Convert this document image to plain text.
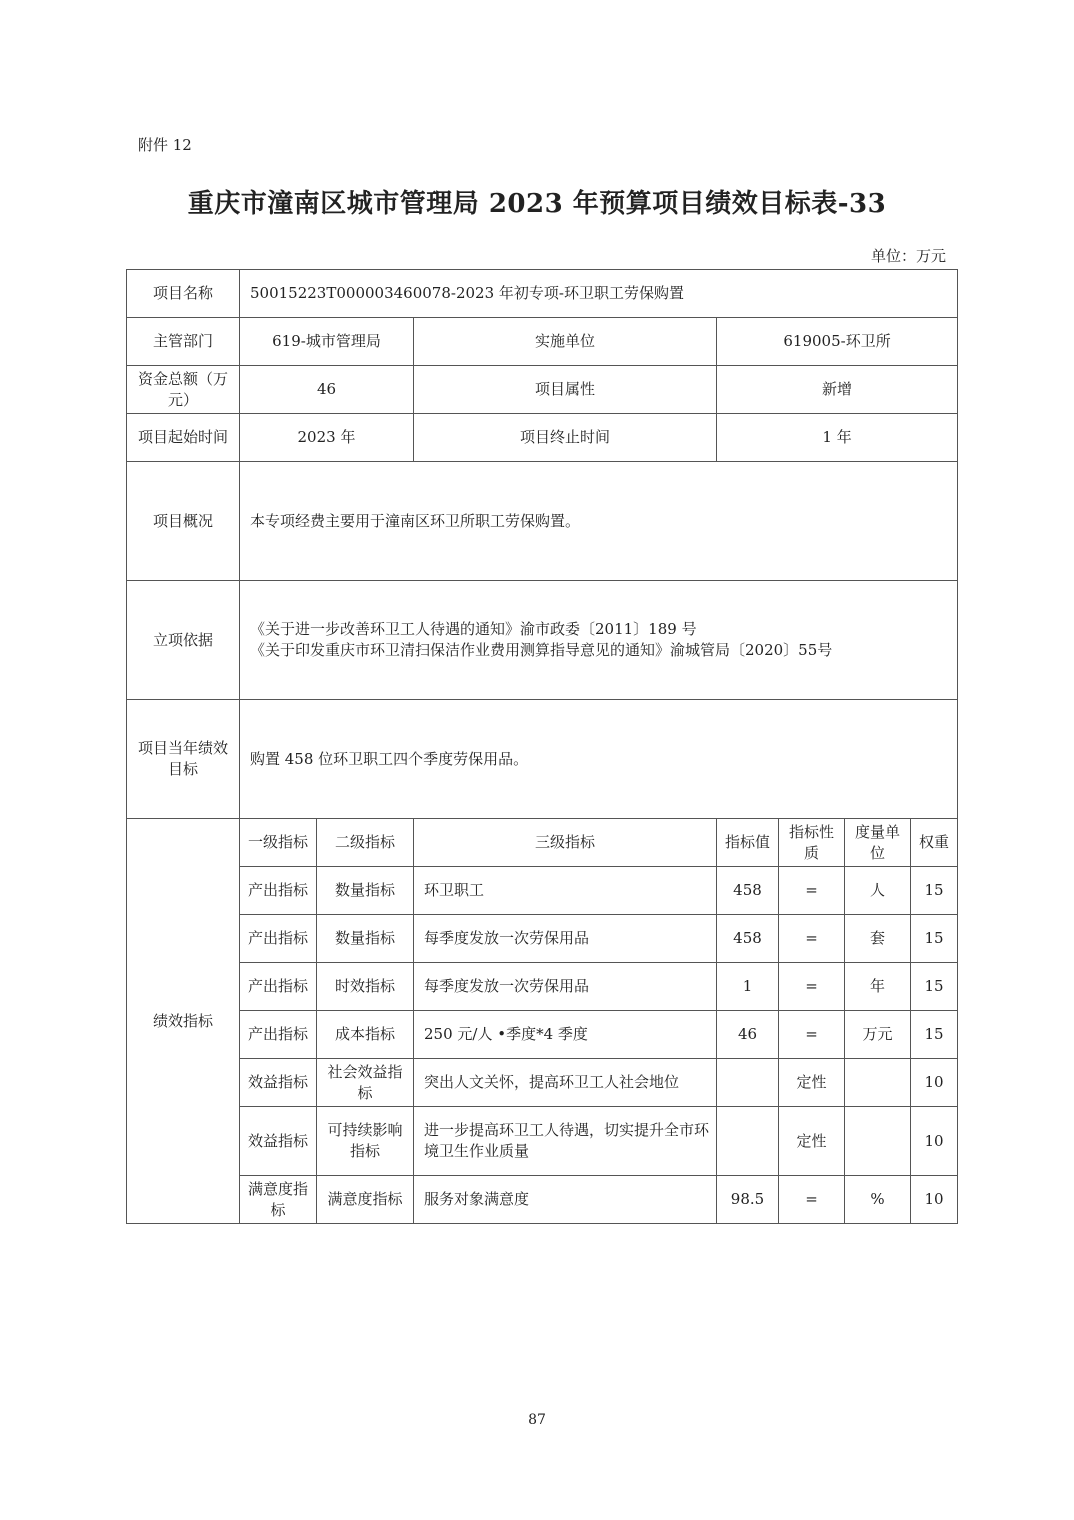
附件 12
重庆市潼南区城市管理局 2023 年预算项目绩效目标表-33
单位：万元
项目名称	50015223T000003460078-2023 年初专项-环卫职工劳保购置						
主管部门	619-城市管理局		实施单位	619005-环卫所			
资金总额（万元）	46		项目属性	新增			
项目起始时间	2023 年		项目终止时间	1 年			
项目概况	本专项经费主要用于潼南区环卫所职工劳保购置。						
立项依据	《关于进一步改善环卫工人待遇的通知》渝市政委〔2011〕189 号
《关于印发重庆市环卫清扫保洁作业费用测算指导意见的通知》渝城管局〔2020〕55号						

项目当年绩效目标	购置 458 位环卫职工四个季度劳保用品。						
绩效指标	一级指标	二级指标	三级指标	指标值	指标性质	度量单位	权重
	产出指标	数量指标	环卫职工	458	=	人	15
	产出指标	数量指标	每季度发放一次劳保用品	458	=	套	15
	产出指标	时效指标	每季度发放一次劳保用品	1	=	年	15
	产出指标	成本指标	250 元/人 •季度*4 季度	46	=	万元	15
	效益指标	社会效益指标	突出人文关怀，提高环卫工人社会地位		定性		10
	效益指标	可持续影响指标	进一步提高环卫工人待遇，切实提升全市环境卫生作业质量		定性		10
	满意度指标	满意度指标	服务对象满意度	98.5	=	%	10
87
